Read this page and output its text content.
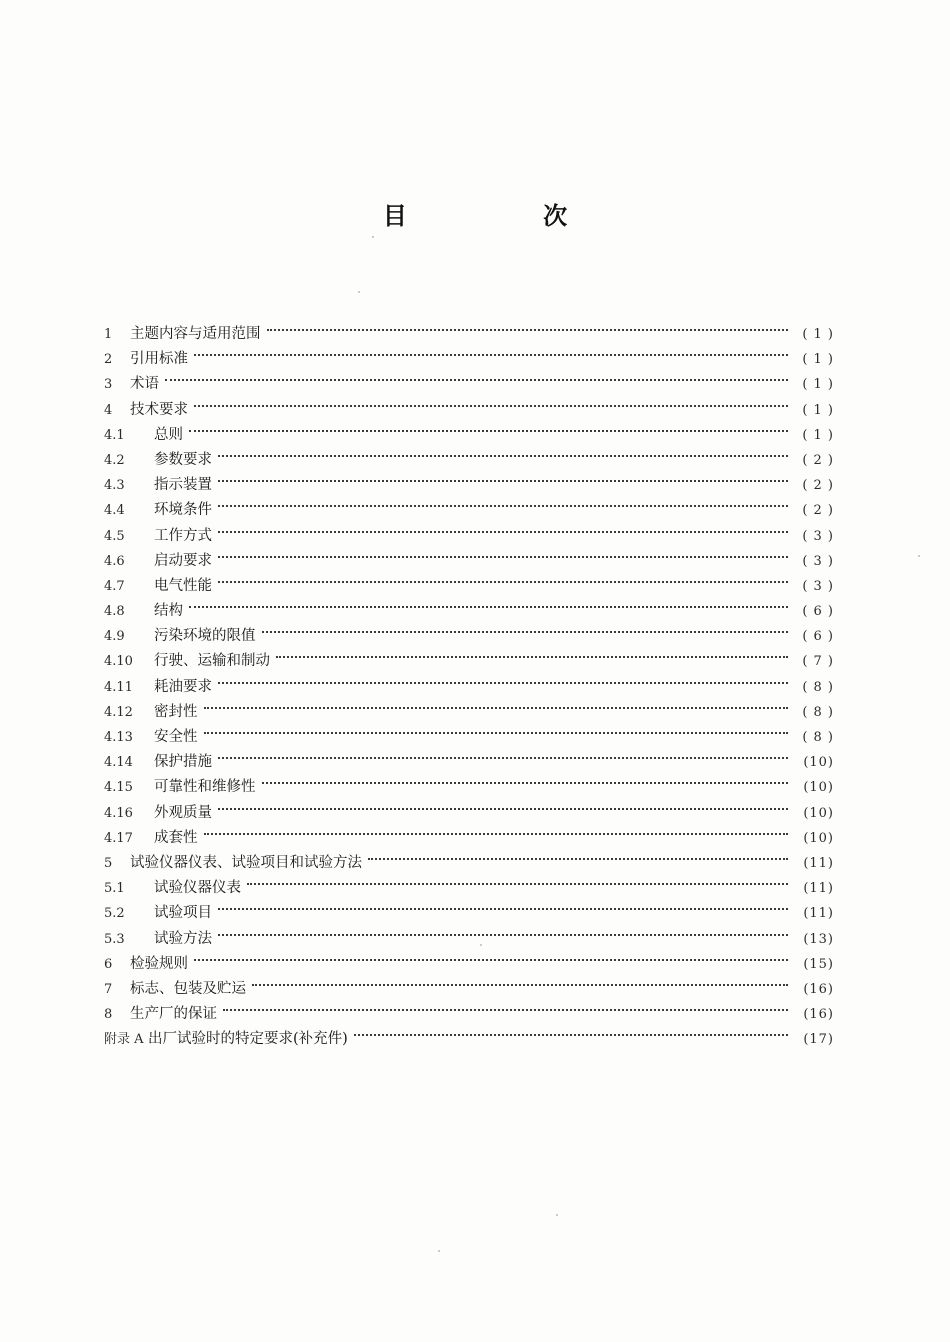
目 次
1	主题内容与适用范围	( 1 )
2	引用标准	( 1 )
3	术语	( 1 )
4	技术要求	( 1 )
4.1	总则	( 1 )
4.2	参数要求	( 2 )
4.3	指示装置	( 2 )
4.4	环境条件	( 2 )
4.5	工作方式	( 3 )
4.6	启动要求	( 3 )
4.7	电气性能	( 3 )
4.8	结构	( 6 )
4.9	污染环境的限值	( 6 )
4.10	行驶、运输和制动	( 7 )
4.11	耗油要求	( 8 )
4.12	密封性	( 8 )
4.13	安全性	( 8 )
4.14	保护措施	(10)
4.15	可靠性和维修性	(10)
4.16	外观质量	(10)
4.17	成套性	(10)
5	试验仪器仪表、试验项目和试验方法	(11)
5.1	试验仪器仪表	(11)
5.2	试验项目	(11)
5.3	试验方法	(13)
6	检验规则	(15)
7	标志、包装及贮运	(16)
8	生产厂的保证	(16)
附录 A 出厂试验时的特定要求(补充件)	(17)
